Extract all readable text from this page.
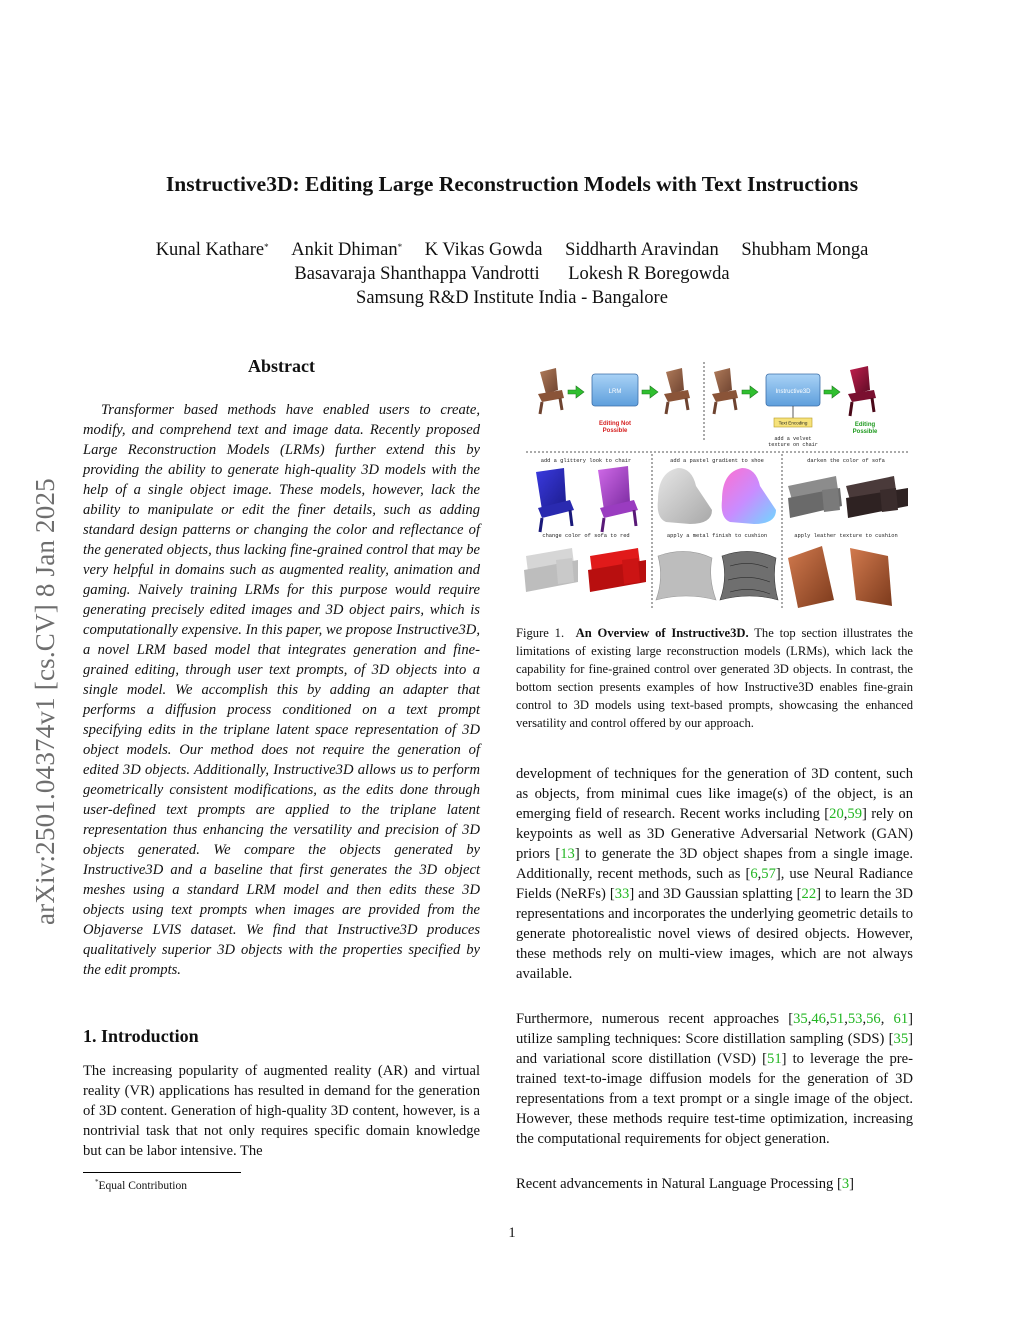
Instructive3D: Editing Large Reconstruction Models with Text Instructions
Kunal Kathare* Ankit Dhiman* K Vikas Gowda Siddharth Aravindan Shubham Monga
Basavaraja Shanthappa Vandrotti Lokesh R Boregowda
Samsung R&D Institute India - Bangalore
arXiv:2501.04374v1 [cs.CV] 8 Jan 2025
Abstract

Transformer based methods have enabled users to create, modify, and comprehend text and image data. Recently proposed Large Reconstruction Models (LRMs) further extend this by providing the ability to generate high-quality 3D models with the help of a single object image. These models, however, lack the ability to manipulate or edit the finer details, such as adding standard design patterns or changing the color and reflectance of the generated objects, thus lacking fine-grained control that may be very helpful in domains such as augmented reality, animation and gaming. Naively training LRMs for this purpose would require generating precisely edited images and 3D object pairs, which is computationally expensive. In this paper, we propose Instructive3D, a novel LRM based model that integrates generation and fine-grained editing, through user text prompts, of 3D objects into a single model. We accomplish this by adding an adapter that performs a diffusion process conditioned on a text prompt specifying edits in the triplane latent space representation of 3D object models. Our method does not require the generation of edited 3D objects. Additionally, Instructive3D allows us to perform geometrically consistent modifications, as the edits done through user-defined text prompts are applied to the triplane latent representation thus enhancing the versatility and precision of 3D objects generated. We compare the objects generated by Instructive3D and a baseline that first generates the 3D object meshes using a standard LRM model and then edits these 3D objects using text prompts when images are provided from the Objaverse LVIS dataset. We find that Instructive3D produces qualitatively superior 3D objects with the properties specified by the edit prompts.

1. Introduction

The increasing popularity of augmented reality (AR) and virtual reality (VR) applications has resulted in demand for the generation of 3D content. Generation of high-quality 3D content, however, is a nontrivial task that not only requires specific domain knowledge but can be labor intensive. The

*Equal Contribution
LRM
Editing Not Possible
Instructive3D
Text Encoding
add a velvet texture on chair
Editing Possible
add a glittery look to chair	add a pastel gradient to shoe	darken the color of sofa
change color of sofa to red	apply a metal finish to cushion	apply leather texture to cushion

Figure 1. An Overview of Instructive3D. The top section illustrates the limitations of existing large reconstruction models (LRMs), which lack the capability for fine-grained control over generated 3D objects. In contrast, the bottom section presents examples of how Instructive3D enables fine-grain control to 3D models using text-based prompts, showcasing the enhanced versatility and control offered by our approach.

development of techniques for the generation of 3D content, such as objects, from minimal cues like image(s) of the object, is an emerging field of research. Recent works including [20,59] rely on keypoints as well as 3D Generative Adversarial Network (GAN) priors [13] to generate the 3D object shapes from a single image. Additionally, recent methods, such as [6,57], use Neural Radiance Fields (NeRFs) [33] and 3D Gaussian splatting [22] to learn the 3D representations and incorporates the underlying geometric details to generate photorealistic novel views of desired objects. However, these methods rely on multi-view images, which are not always available.

Furthermore, numerous recent approaches [35,46,51,53,56, 61] utilize sampling techniques: Score distillation sampling (SDS) [35] and variational score distillation (VSD) [51] to leverage the pre-trained text-to-image diffusion models for the generation of 3D representations from a text prompt or a single image of the object. However, these methods require test-time optimization, increasing the computational requirements for object generation.

Recent advancements in Natural Language Processing [3]

1
